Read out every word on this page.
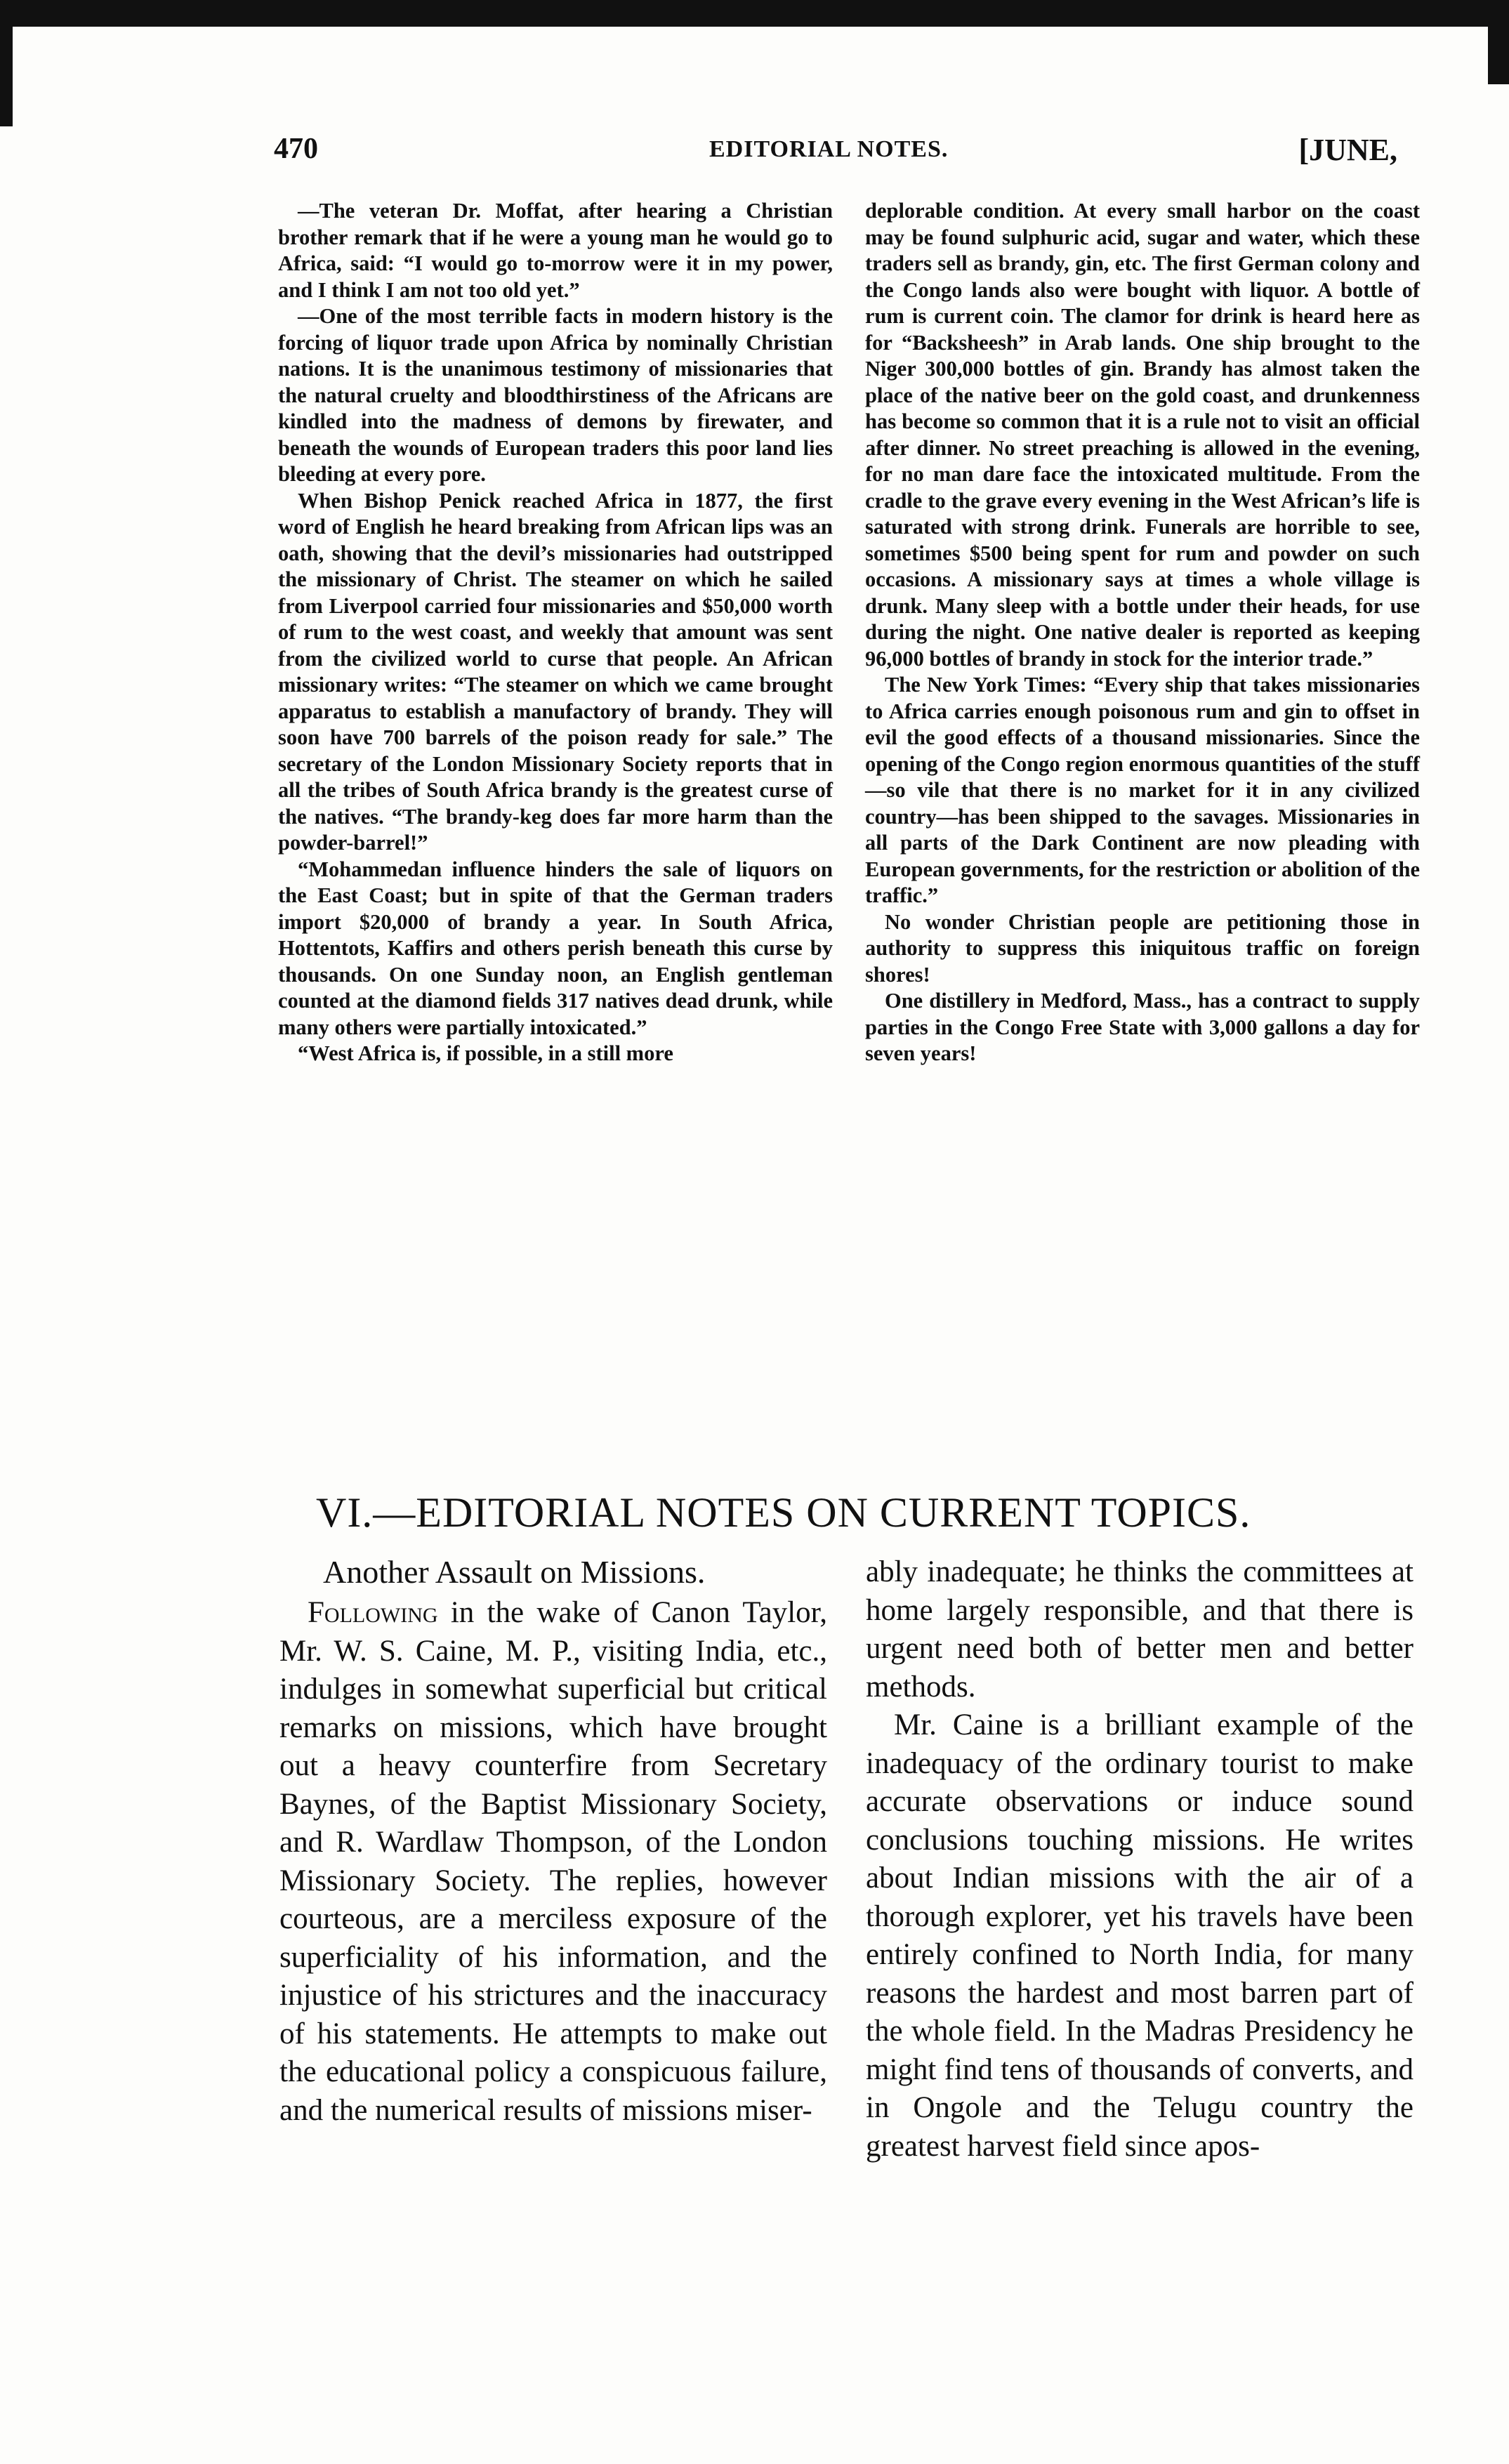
470	EDITORIAL NOTES.	[JUNE,

—The veteran Dr. Moffat, after hearing a Christian brother remark that if he were a young man he would go to Africa, said: “I would go to-morrow were it in my power, and I think I am not too old yet.”

—One of the most terrible facts in modern history is the forcing of liquor trade upon Africa by nominally Christian nations. It is the unanimous testimony of missionaries that the natural cruelty and bloodthirstiness of the Africans are kindled into the madness of demons by firewater, and beneath the wounds of European traders this poor land lies bleeding at every pore.

When Bishop Penick reached Africa in 1877, the first word of English he heard breaking from African lips was an oath, showing that the devil’s missionaries had outstripped the missionary of Christ. The steamer on which he sailed from Liverpool carried four missionaries and $50,000 worth of rum to the west coast, and weekly that amount was sent from the civilized world to curse that people. An African missionary writes: “The steamer on which we came brought apparatus to establish a manufactory of brandy. They will soon have 700 barrels of the poison ready for sale.” The secretary of the London Missionary Society reports that in all the tribes of South Africa brandy is the greatest curse of the natives. “The brandy-keg does far more harm than the powder-barrel!”

“Mohammedan influence hinders the sale of liquors on the East Coast; but in spite of that the German traders import $20,000 of brandy a year. In South Africa, Hottentots, Kaffirs and others perish beneath this curse by thousands. On one Sunday noon, an English gentleman counted at the diamond fields 317 natives dead drunk, while many others were partially intoxicated.”

“West Africa is, if possible, in a still more

deplorable condition. At every small harbor on the coast may be found sulphuric acid, sugar and water, which these traders sell as brandy, gin, etc. The first German colony and the Congo lands also were bought with liquor. A bottle of rum is current coin. The clamor for drink is heard here as for “Backsheesh” in Arab lands. One ship brought to the Niger 300,000 bottles of gin. Brandy has almost taken the place of the native beer on the gold coast, and drunkenness has become so common that it is a rule not to visit an official after dinner. No street preaching is allowed in the evening, for no man dare face the intoxicated multitude. From the cradle to the grave every evening in the West African’s life is saturated with strong drink. Funerals are horrible to see, sometimes $500 being spent for rum and powder on such occasions. A missionary says at times a whole village is drunk. Many sleep with a bottle under their heads, for use during the night. One native dealer is reported as keeping 96,000 bottles of brandy in stock for the interior trade.”

The New York Times: “Every ship that takes missionaries to Africa carries enough poisonous rum and gin to offset in evil the good effects of a thousand missionaries. Since the opening of the Congo region enormous quantities of the stuff—so vile that there is no market for it in any civilized country—has been shipped to the savages. Missionaries in all parts of the Dark Continent are now pleading with European governments, for the restriction or abolition of the traffic.”

No wonder Christian people are petitioning those in authority to suppress this iniquitous traffic on foreign shores!

One distillery in Medford, Mass., has a contract to supply parties in the Congo Free State with 3,000 gallons a day for seven years!

VI.—EDITORIAL NOTES ON CURRENT TOPICS.
Another Assault on Missions.

Following in the wake of Canon Taylor, Mr. W. S. Caine, M. P., visiting India, etc., indulges in somewhat superficial but critical remarks on missions, which have brought out a heavy counterfire from Secretary Baynes, of the Baptist Missionary Society, and R. Wardlaw Thompson, of the London Missionary Society. The replies, however courteous, are a merciless exposure of the superficiality of his information, and the injustice of his strictures and the inaccuracy of his statements. He attempts to make out the educational policy a conspicuous failure, and the numerical results of missions miser-

ably inadequate; he thinks the committees at home largely responsible, and that there is urgent need both of better men and better methods.

Mr. Caine is a brilliant example of the inadequacy of the ordinary tourist to make accurate observations or induce sound conclusions touching missions. He writes about Indian missions with the air of a thorough explorer, yet his travels have been entirely confined to North India, for many reasons the hardest and most barren part of the whole field. In the Madras Presidency he might find tens of thousands of converts, and in Ongole and the Telugu country the greatest harvest field since apos-
